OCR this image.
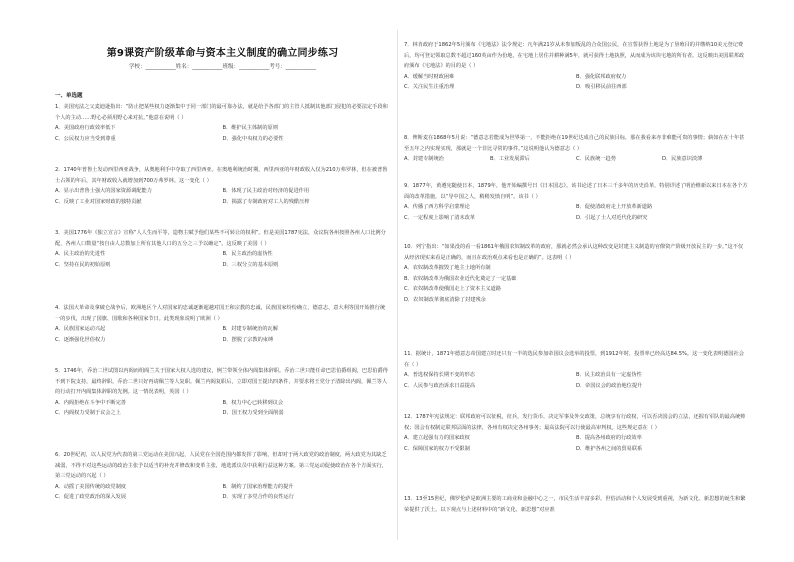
第9课资产阶级革命与资本主义制度的确立同步练习
学校：___________姓名：___________班级：___________考号：___________
一、单选题
1．美国宪法之父麦迪逊指出：“防止把某些权力逐渐集中于同一部门的最可靠办法，就是给予各部门的主管人抵制其他部门侵犯的必要法定手段和个人的主动……野心必须用野心来对抗。”他意在说明（ ）
A．美国政府行政效率低下	B．维护民主体制的原则
C．公民权力应当受到尊重	D．强化中央权力的必要性
2．1740年普鲁士发动西里西亚战争，从奥地利手中夺取了西里西亚。在奥地利统治时期，西里西亚的年财政收入仅为210万弗罗林，但在被普鲁士占领的年后，其年财政收入就增加到700万弗罗林。这一变化（ ）
A．显示出普鲁士强大的国家资源调配能力	B．体现了民主政治对经济的促进作用
C．反映了工业对国家财政的独特贡献	D．揭露了专制政府对工人的残酷压榨
3．美国1776年《独立宣言》宣称“人人生而平等，造物主赋予他们某些不可转让的权利”。但是美国1787宪法，众议院各州按照各州人口比例分配，各州人口数量“按自由人总数加上所有其他人口的五分之三予以确定”。这反映了美国（ ）
A．民主政治的先进性	B．民主政治的虚伪性
C．坚持在民的初始原则	D．三权分立的基本原则
4．法国大革命及拿破仑战争后，欧洲地区个人对国家的忠诚逐渐超越对国王和宗教的忠诚，民族国家纷纷确立，德意志、意大利等国开始推行统一的步伐，出现了国旗、国歌和各种国家节日。此类现象说明了欧洲（ ）
A．民族国家运动兴起	B．封建专制统治的瓦解
C．逐渐强化世俗权力	D．摆脱了宗教的束缚
5．1746年，乔治二世试图以内阁而组阁兰关于国家大权人选的建议，例兰带领全体内阁集体辞职。乔治二世只能任命巴思伯爵组阁，巴思伯爵得不到下院支持，最终辞职。乔治二世只好再请佩兰等人复职。佩兰内阁复职后，立即对国王提出四条件，并要求将王党分子清除出内阁，佩兰等人的行动打开内阁集体辞职的先例。这一情况表明，英国（ ）
A．内阁拒绝在斗争中不断完善	B．权力中心已转移到议会
C．内阁权力受制于议会之上	D．国王权力受到全面削弱
6．20世纪初，以人民党为代表的第三党运动在美国兴起，人民党在全国范围内都发挥了影响，但却对于两大政党的政治制度，两大政党为其缺乏减弱，不得不对这些运动的政治主张予以适当的补充并修改和变革主张，地选派议员中获利行益这种方案。第三党运动促使政治在各个方面实行，第三党运动的兴起（ ）
A．动摇了美国传统的政党制度	B．制约了国家治理能力的提升
C．促进了政党政治的深入发展	D．实现了多党合作的良性运行
7．林肯政府于1862年5月颁布《宅地法》法令规定：凡年满21岁从未参加叛乱的合众国公民，在宣誓获得土地是为了垦殖目的并缴纳10美元登记费后，均可登记领取总数不超过160英亩作为份地，在宅地上居住并耕种满5年，就可获得土地执照，从而成为该块宅地的所有者。这反映出美国联邦政府颁布《宅地法》的目的是（ ）
A．缓解当时财政困难	B．强化联邦政府权力
C．关注民生注重治理	D．吸引移民前往西部
8．俾斯麦在1868年5月说：“德意志若能成为世界第一，不能拒绝在19世纪达成自己的民族目标，那在我看来亦非难能可贵的事情；倘如在在十年甚至五年之内实现实现，那就是一个非比寻常的事件。”这说明他认为德意志（ ）
A．封建专制统治	B．工业发展滞后	C．民族统一趋势	D．民族意识淡薄
9．1877年，黄遵宪随使日本，1879年，他开始编撰号曰《日本国志》。该书论述了日本三千多年的历史沿革，特别详述了明治维新以来日本在各个方面的改革措施，以“导中国之人，稍稍发愤自明”。该书（ ）
A．传播了西方科学启蒙理论	B．促使清政府走上开放革新道路
C．一定程度上影响了清末改革	D．引起了士人对近代化的研究
10．列宁指出：“如果没的看一看1861年俄国农奴制改革的政府，那就必然会承认这种改变是封建主义制造的官僚资产阶级开放民主的一步。”这不仅从经济现实来看是正确的，而且在政治观点来看也是正确的”。这表明（ ）
A．农奴制改革摧毁了地主土地所有制
B．农奴制改革为俄国农业近代化奠定了一定基础
C．农奴制改革使俄国走上了资本主义道路
D．农奴制改革彻底清除了封建残余
11．据统计，1871年德意志帝国建立时还只有一半的选民参加帝国议会选举的投票，到1912年时，投票率已经高达84.5%。这一变化表明德国社会在（ ）
A．普选权保持长期不变的形态	B．民主政治具有一定虚伪性
C．人民参与政治诉求日益提高	D．帝国议会的政治地位提升
12．1787年宪法规定：联邦政府可以征税，征兵，发行货币，决定军事及外交政策，总统享有行政权，可以否决国会的立法，还握有军队的最高统帅权；国会有权制定联邦层面的法律，各州有权决定各州事务；最高法院可以行使最高审判权。这些规定意在（ ）
A．建立起强有力的国家政权	B．提高各州政府的行政效率
C．保障国家的权力不受限制	D．维护各州之间的贸易联系
13．13至15世纪，佛罗伦萨是欧洲主要的工商业和金融中心之一，市民生活丰富多彩。世俗活动和个人发展受到重视，为新文化、新思想的诞生和繁荣提供了沃土。以下观点与上述材料中的“新文化、新思想”对应准
